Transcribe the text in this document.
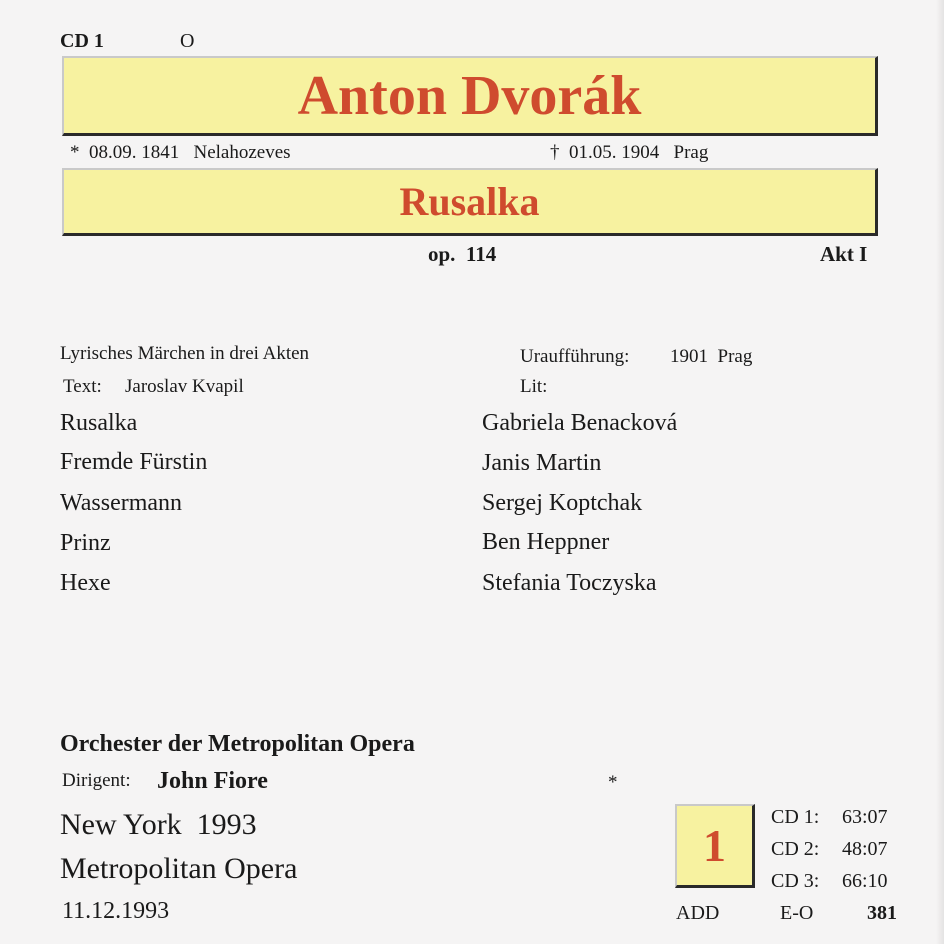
CD 1	O
Anton Dvorák
*  08.09. 1841   Nelahozeves	†  01.05. 1904   Prag
Rusalka
op.  114	Akt I
Lyrisches Märchen in drei Akten
Text: Jaroslav Kvapil
Uraufführung: 1901  Prag
Lit:
Rusalka	Gabriela Benacková
Fremde Fürstin	Janis Martin
Wassermann	Sergej Koptchak
Prinz	Ben Heppner
Hexe	Stefania Toczyska
Orchester der Metropolitan Opera
Dirigent: John Fiore	*
New York  1993
Metropolitan Opera
11.12.1993
1
CD 1: 63:07
CD 2: 48:07
CD 3: 66:10
ADD	E-O	381
